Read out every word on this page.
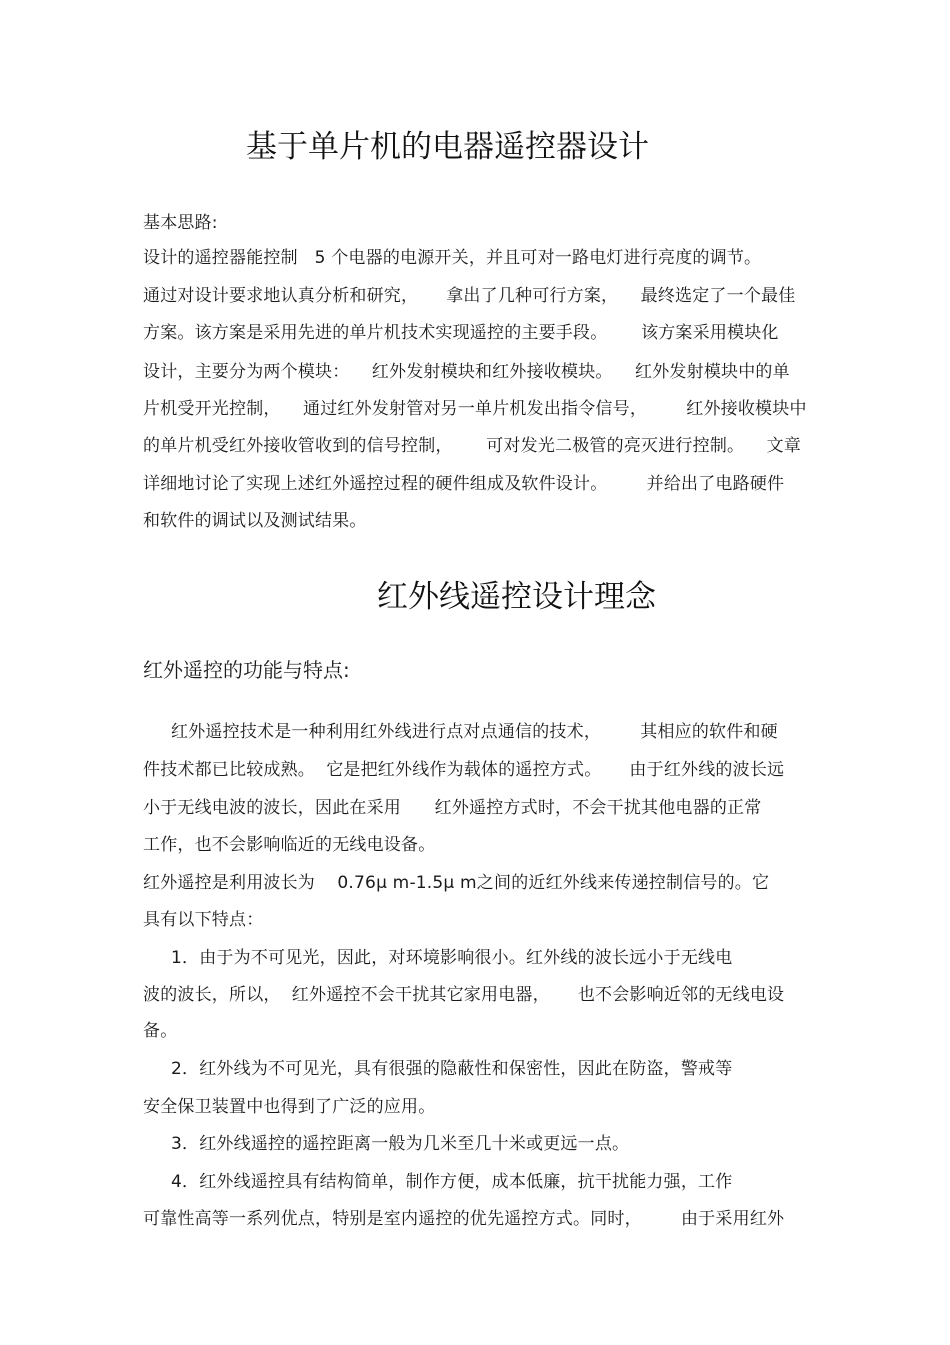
基于单片机的电器遥控器设计
基本思路:
设计的遥控器能控制   5 个电器的电源开关，并且可对一路电灯进行亮度的调节。
通过对设计要求地认真分析和研究，     拿出了几种可行方案，    最终选定了一个最佳
方案。该方案是采用先进的单片机技术实现遥控的主要手段。      该方案采用模块化
设计，主要分为两个模块：    红外发射模块和红外接收模块。    红外发射模块中的单
片机受开光控制，    通过红外发射管对另一单片机发出指令信号，       红外接收模块中
的单片机受红外接收管收到的信号控制，      可对发光二极管的亮灭进行控制。    文章
详细地讨论了实现上述红外遥控过程的硬件组成及软件设计。       并给出了电路硬件
和软件的调试以及测试结果。
红外线遥控设计理念
红外遥控的功能与特点:
红外遥控技术是一种利用红外线进行点对点通信的技术，       其相应的软件和硬
件技术都已比较成熟。  它是把红外线作为载体的遥控方式。     由于红外线的波长远
小于无线电波的波长，因此在采用      红外遥控方式时，不会干扰其他电器的正常
工作，也不会影响临近的无线电设备。
红外遥控是利用波长为    0.76μ m-1.5μ m之间的近红外线来传递控制信号的。它
具有以下特点：
1．由于为不可见光，因此，对环境影响很小。红外线的波长远小于无线电
波的波长，所以，  红外遥控不会干扰其它家用电器，     也不会影响近邻的无线电设
备。
2．红外线为不可见光，具有很强的隐蔽性和保密性，因此在防盗，警戒等
安全保卫装置中也得到了广泛的应用。
3．红外线遥控的遥控距离一般为几米至几十米或更远一点。
4．红外线遥控具有结构简单，制作方便，成本低廉，抗干扰能力强，工作
可靠性高等一系列优点，特别是室内遥控的优先遥控方式。同时，       由于采用红外
